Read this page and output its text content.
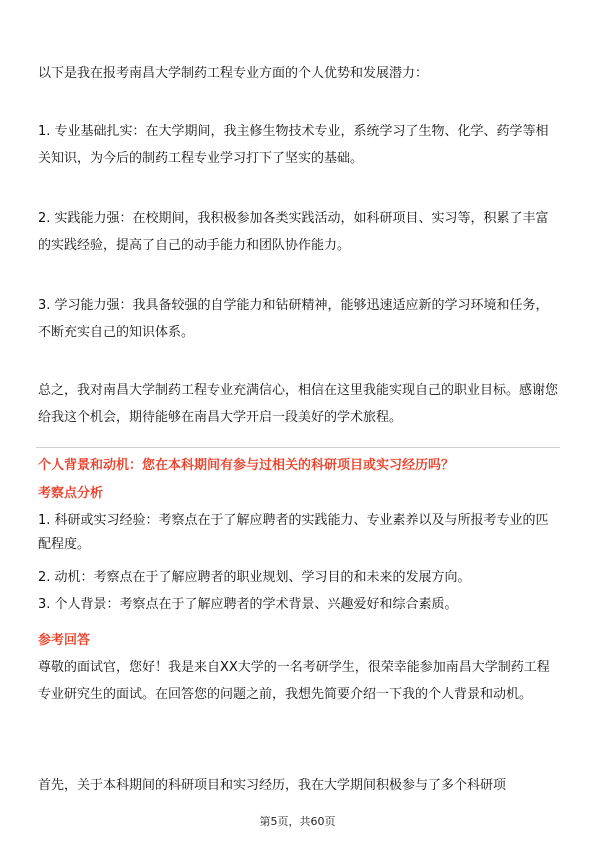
以下是我在报考南昌大学制药工程专业方面的个人优势和发展潜力：

1. 专业基础扎实：在大学期间，我主修生物技术专业，系统学习了生物、化学、药学等相关知识，为今后的制药工程专业学习打下了坚实的基础。

2. 实践能力强：在校期间，我积极参加各类实践活动，如科研项目、实习等，积累了丰富的实践经验，提高了自己的动手能力和团队协作能力。

3. 学习能力强：我具备较强的自学能力和钻研精神，能够迅速适应新的学习环境和任务，不断充实自己的知识体系。

总之，我对南昌大学制药工程专业充满信心，相信在这里我能实现自己的职业目标。感谢您给我这个机会，期待能够在南昌大学开启一段美好的学术旅程。

个人背景和动机：您在本科期间有参与过相关的科研项目或实习经历吗？

考察点分析

1. 科研或实习经验：考察点在于了解应聘者的实践能力、专业素养以及与所报考专业的匹配程度。

2. 动机：考察点在于了解应聘者的职业规划、学习目的和未来的发展方向。

3. 个人背景：考察点在于了解应聘者的学术背景、兴趣爱好和综合素质。

参考回答

尊敬的面试官，您好！我是来自XX大学的一名考研学生，很荣幸能参加南昌大学制药工程专业研究生的面试。在回答您的问题之前，我想先简要介绍一下我的个人背景和动机。

首先，关于本科期间的科研项目和实习经历，我在大学期间积极参与了多个科研项

第5页，共60页
